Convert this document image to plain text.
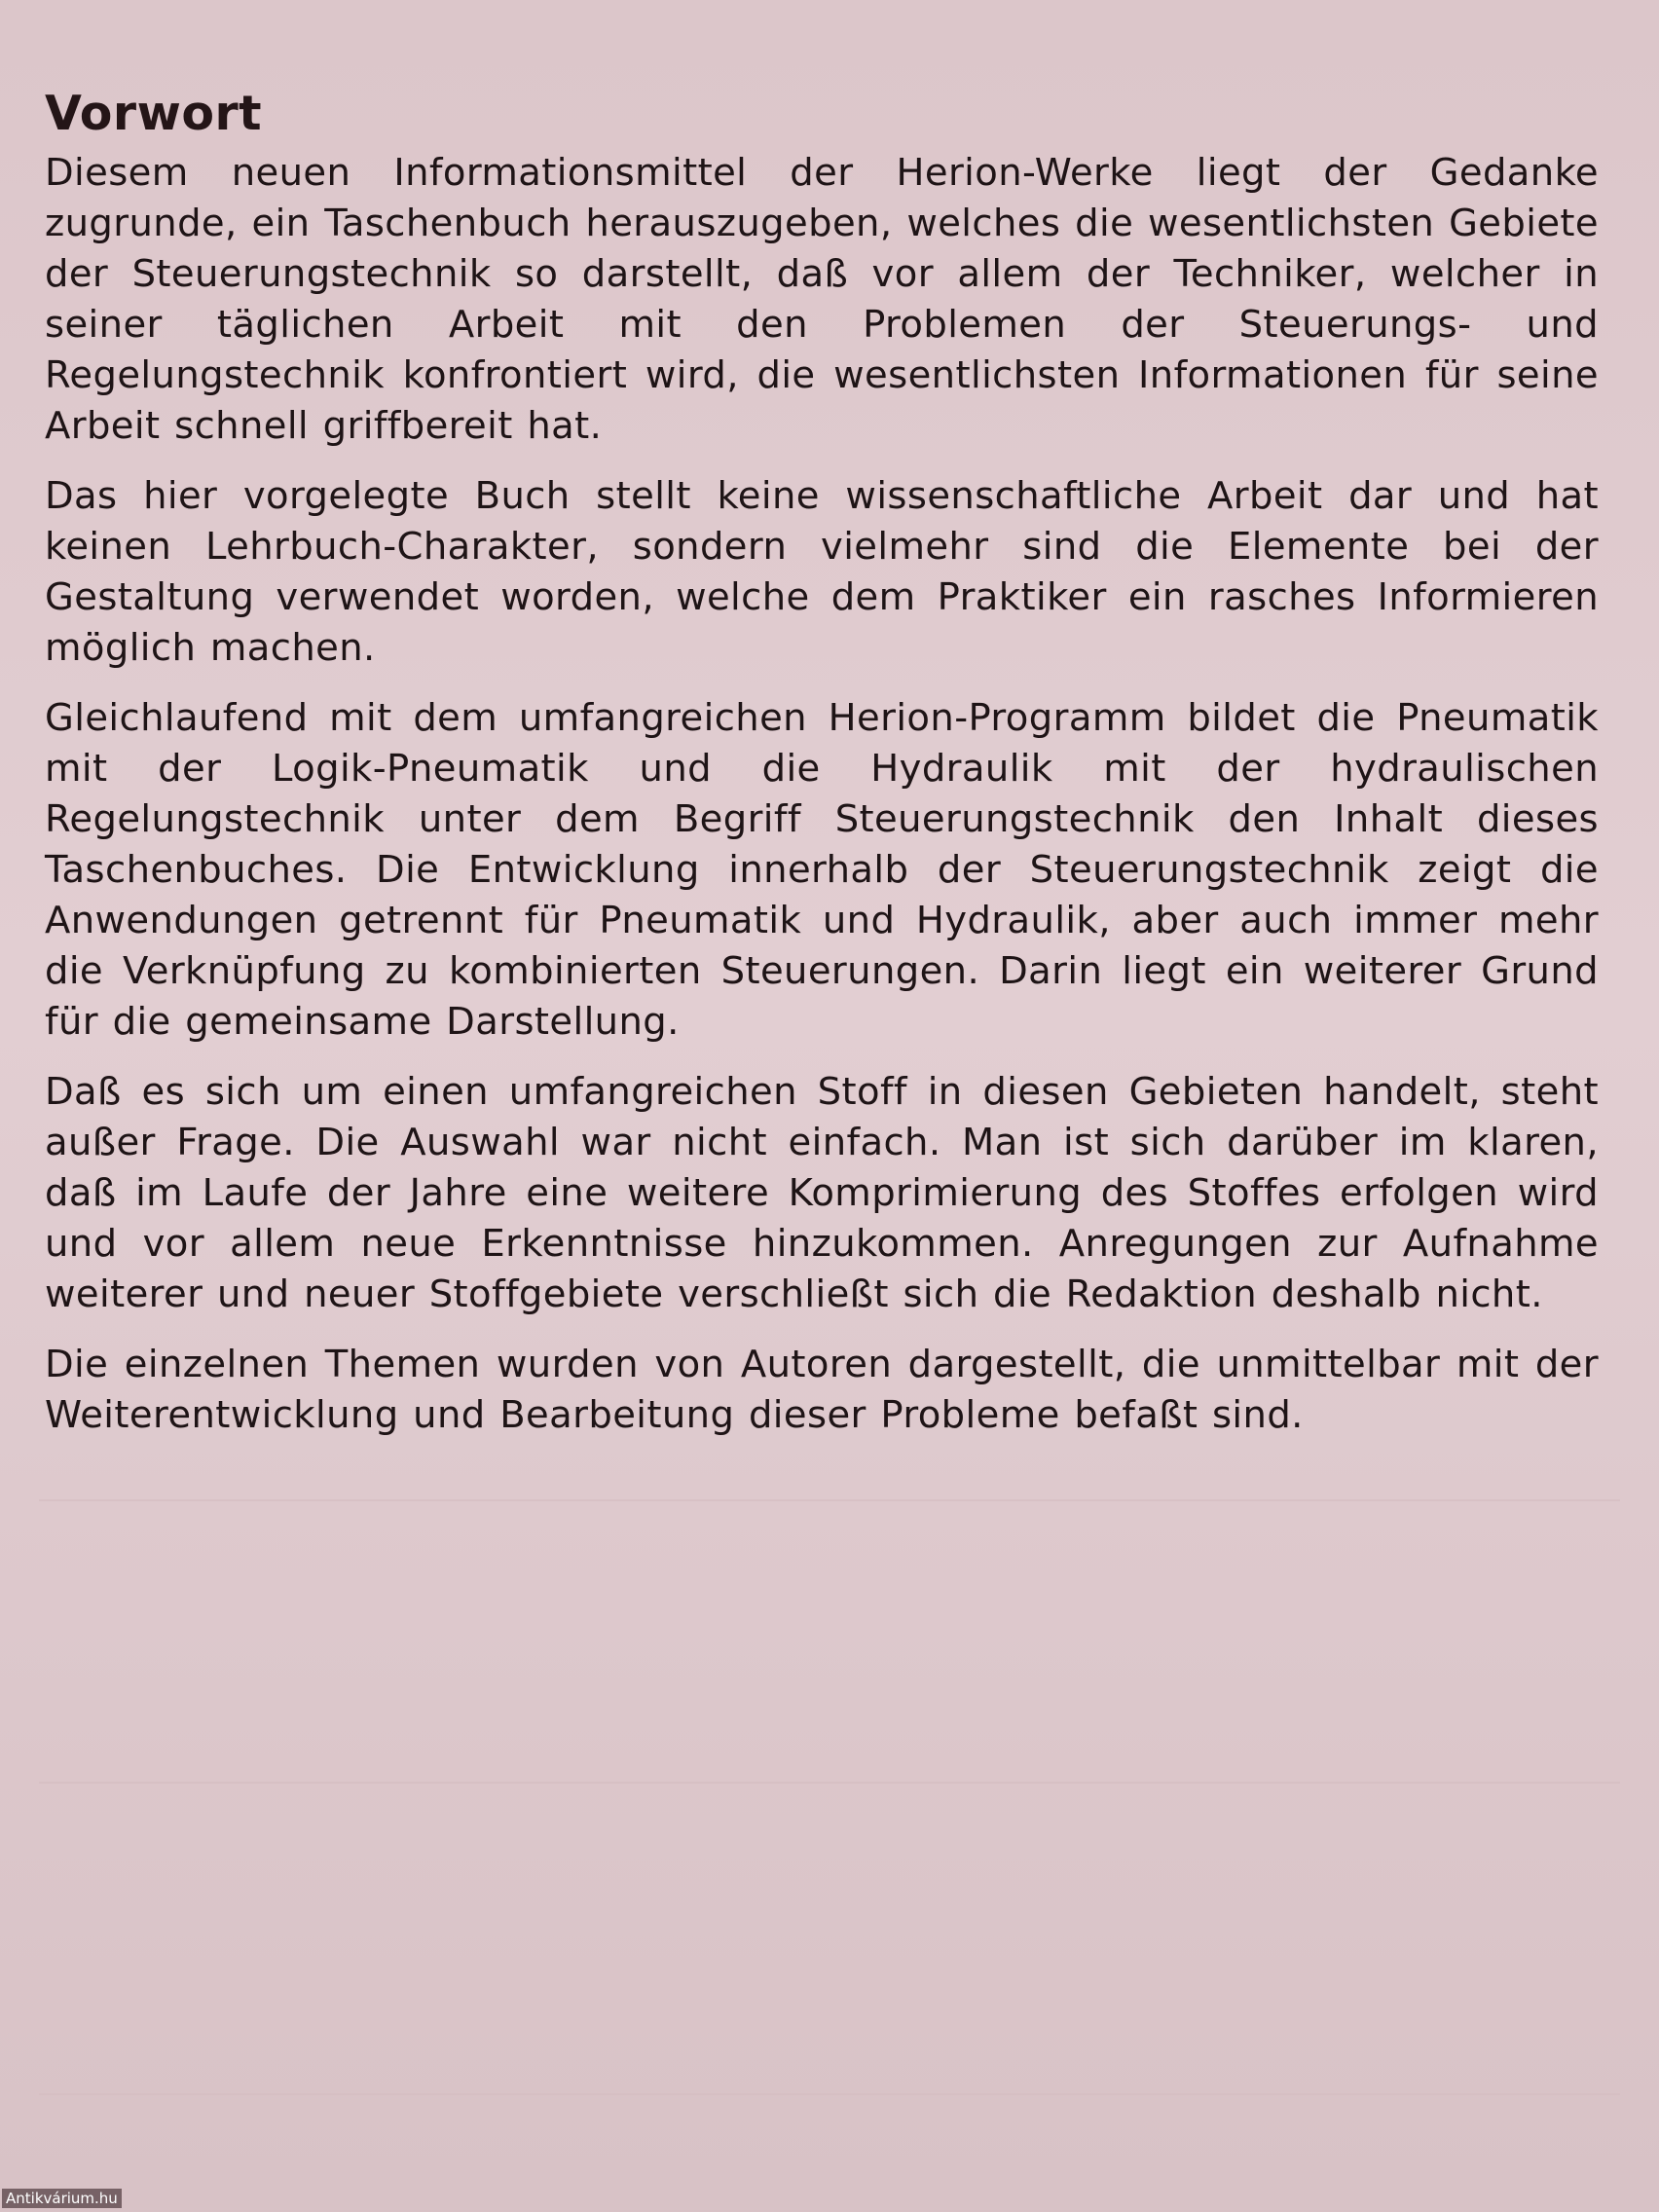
Vorwort

Diesem neuen Informationsmittel der Herion-Werke liegt der Gedanke zugrunde, ein Taschenbuch herauszugeben, welches die wesentlichsten Gebiete der Steuerungstechnik so darstellt, daß vor allem der Techniker, welcher in seiner täglichen Arbeit mit den Problemen der Steuerungs- und Regelungstechnik konfrontiert wird, die wesentlichsten Informationen für seine Arbeit schnell griffbereit hat.

Das hier vorgelegte Buch stellt keine wissenschaftliche Arbeit dar und hat keinen Lehrbuch-Charakter, sondern vielmehr sind die Elemente bei der Gestaltung verwendet worden, welche dem Praktiker ein rasches Informieren möglich machen.

Gleichlaufend mit dem umfangreichen Herion-Programm bildet die Pneumatik mit der Logik-Pneumatik und die Hydraulik mit der hydraulischen Regelungstechnik unter dem Begriff Steuerungstechnik den Inhalt dieses Taschenbuches. Die Entwicklung innerhalb der Steuerungstechnik zeigt die Anwendungen getrennt für Pneumatik und Hydraulik, aber auch immer mehr die Verknüpfung zu kombinierten Steuerungen. Darin liegt ein weiterer Grund für die gemeinsame Darstellung.

Daß es sich um einen umfangreichen Stoff in diesen Gebieten handelt, steht außer Frage. Die Auswahl war nicht einfach. Man ist sich darüber im klaren, daß im Laufe der Jahre eine weitere Komprimierung des Stoffes erfolgen wird und vor allem neue Erkenntnisse hinzukommen. Anregungen zur Aufnahme weiterer und neuer Stoffgebiete verschließt sich die Redaktion deshalb nicht.

Die einzelnen Themen wurden von Autoren dargestellt, die unmittelbar mit der Weiterentwicklung und Bearbeitung dieser Probleme befaßt sind.

Antikvárium.hu
